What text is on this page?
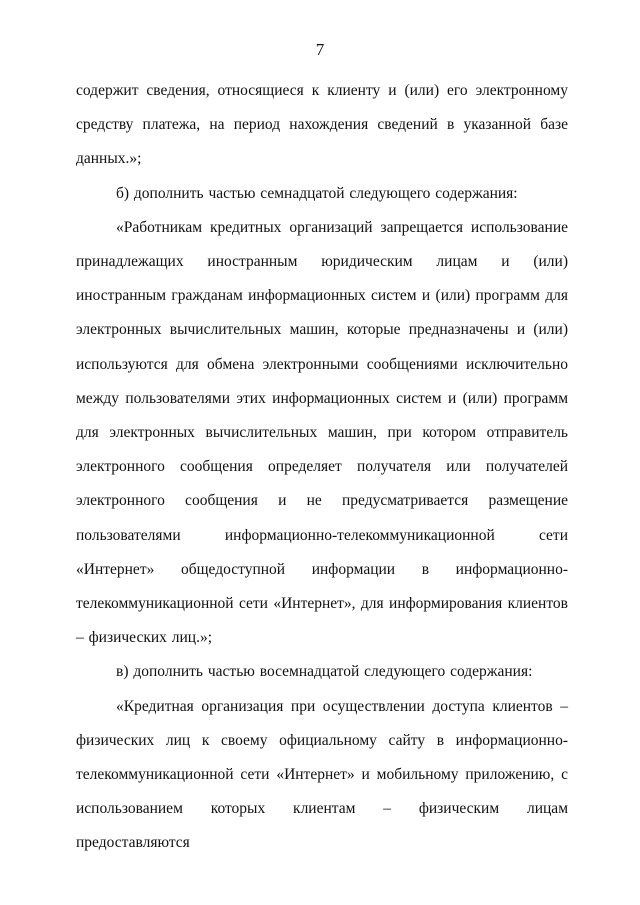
7

содержит сведения, относящиеся к клиенту и (или) его электронному средству платежа, на период нахождения сведений в указанной базе данных.»;

б) дополнить частью семнадцатой следующего содержания:

«Работникам кредитных организаций запрещается использование принадлежащих иностранным юридическим лицам и (или) иностранным гражданам информационных систем и (или) программ для электронных вычислительных машин, которые предназначены и (или) используются для обмена электронными сообщениями исключительно между пользователями этих информационных систем и (или) программ для электронных вычислительных машин, при котором отправитель электронного сообщения определяет получателя или получателей электронного сообщения и не предусматривается размещение пользователями информационно-телекоммуникационной сети «Интернет» общедоступной информации в информационно-телекоммуникационной сети «Интернет», для информирования клиентов – физических лиц.»;

в) дополнить частью восемнадцатой следующего содержания:

«Кредитная организация при осуществлении доступа клиентов – физических лиц к своему официальному сайту в информационно-телекоммуникационной сети «Интернет» и мобильному приложению, с использованием которых клиентам – физическим лицам предоставляются
